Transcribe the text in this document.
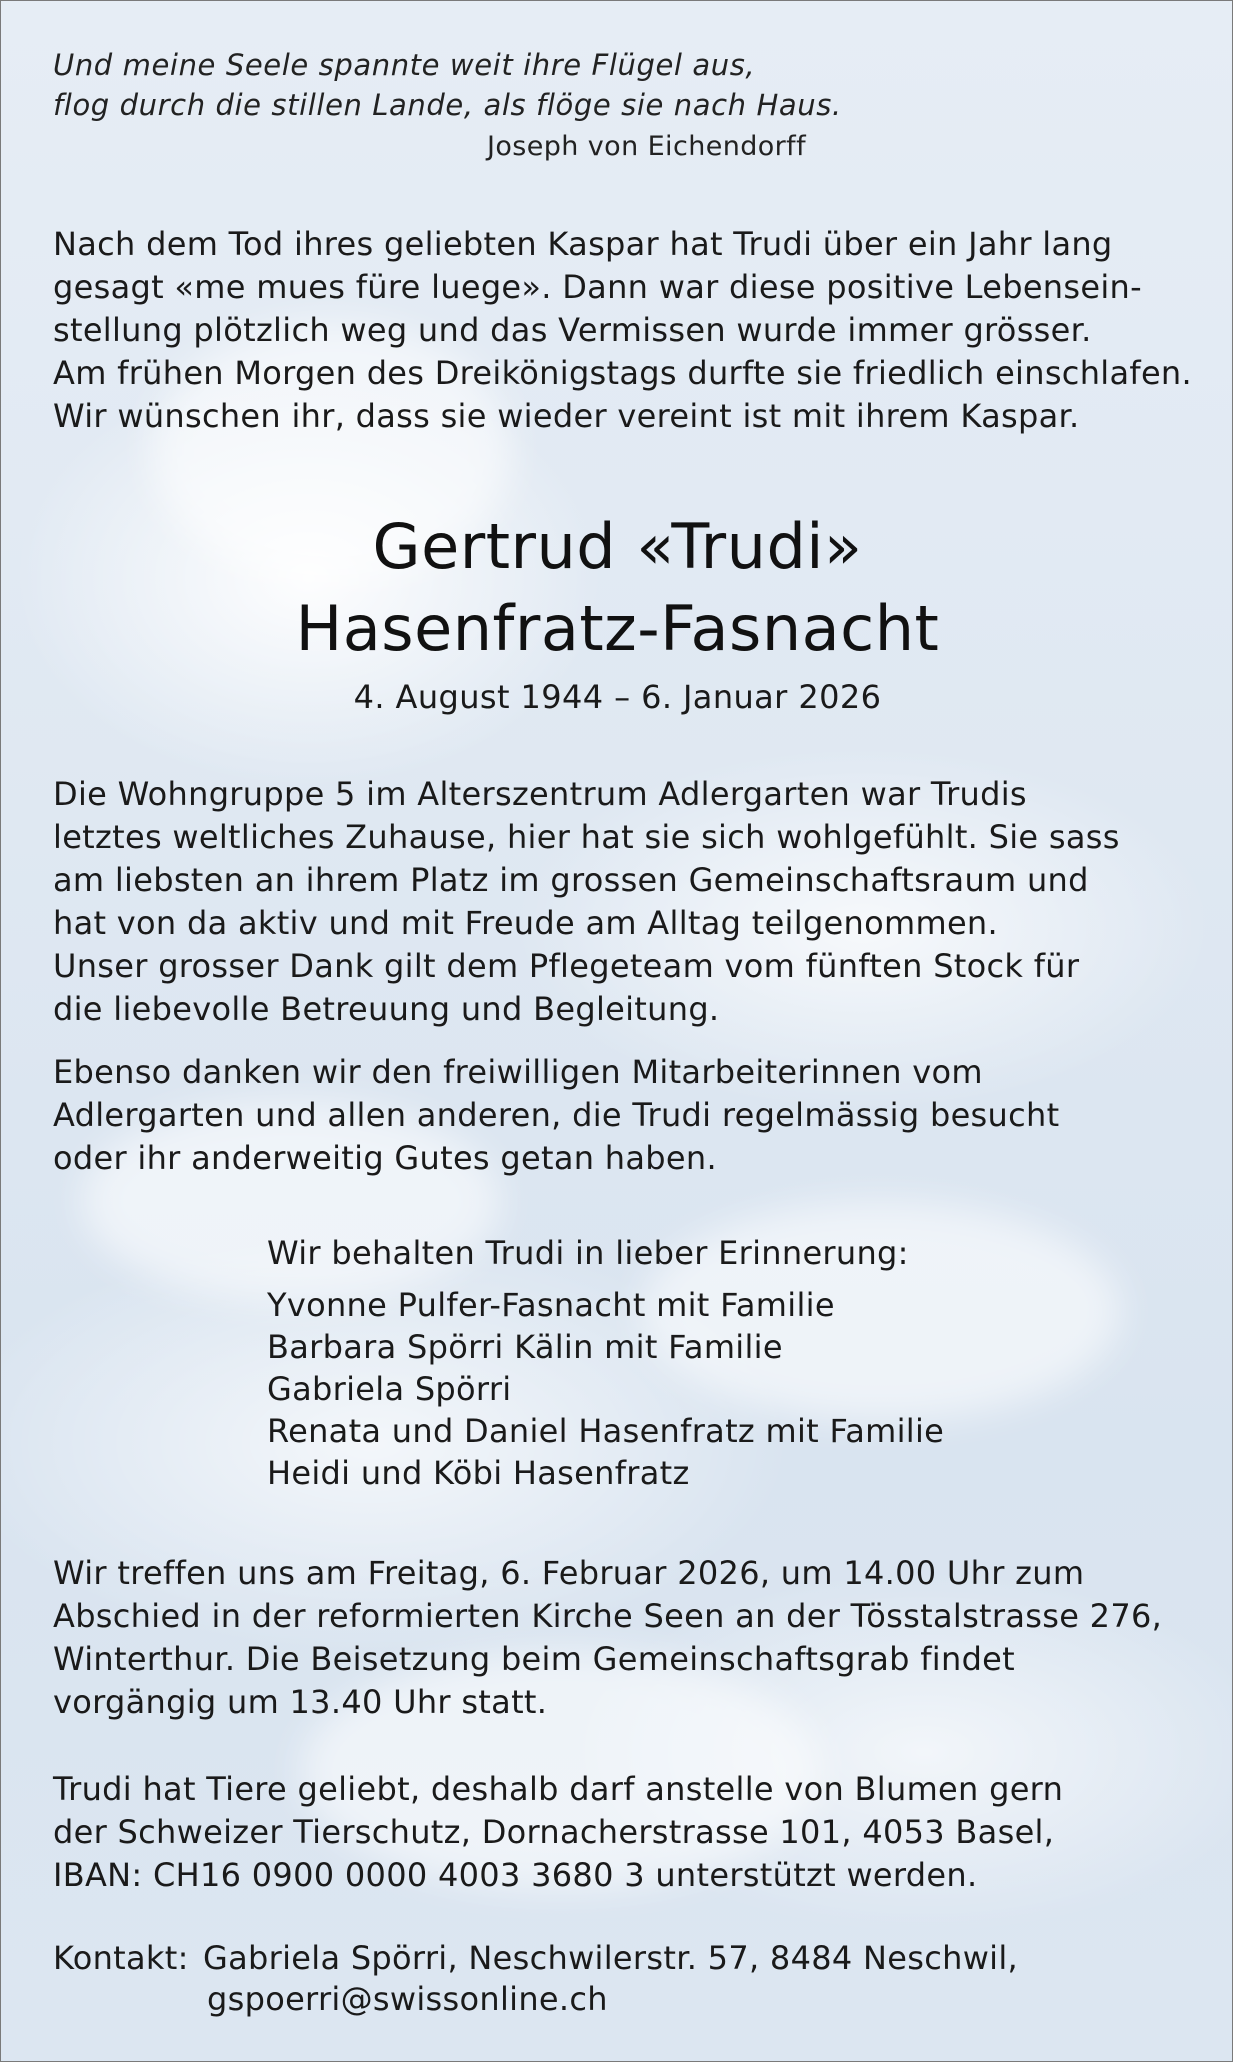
Und meine Seele spannte weit ihre Flügel aus,
flog durch die stillen Lande, als flöge sie nach Haus.

Joseph von Eichendorff

Nach dem Tod ihres geliebten Kaspar hat Trudi über ein Jahr lang
gesagt «me mues füre luege». Dann war diese positive Lebensein-
stellung plötzlich weg und das Vermissen wurde immer grösser.
Am frühen Morgen des Dreikönigstags durfte sie friedlich einschlafen.
Wir wünschen ihr, dass sie wieder vereint ist mit ihrem Kaspar.

Gertrud «Trudi»

Hasenfratz-Fasnacht

4. August 1944 – 6. Januar 2026

Die Wohngruppe 5 im Alterszentrum Adlergarten war Trudis
letztes weltliches Zuhause, hier hat sie sich wohlgefühlt. Sie sass
am liebsten an ihrem Platz im grossen Gemeinschaftsraum und
hat von da aktiv und mit Freude am Alltag teilgenommen.
Unser grosser Dank gilt dem Pflegeteam vom fünften Stock für
die liebevolle Betreuung und Begleitung.

Ebenso danken wir den freiwilligen Mitarbeiterinnen vom
Adlergarten und allen anderen, die Trudi regelmässig besucht
oder ihr anderweitig Gutes getan haben.

Wir behalten Trudi in lieber Erinnerung:
Yvonne Pulfer-Fasnacht mit Familie
Barbara Spörri Kälin mit Familie
Gabriela Spörri
Renata und Daniel Hasenfratz mit Familie
Heidi und Köbi Hasenfratz

Wir treffen uns am Freitag, 6. Februar 2026, um 14.00 Uhr zum
Abschied in der reformierten Kirche Seen an der Tösstalstrasse 276,
Winterthur. Die Beisetzung beim Gemeinschaftsgrab findet
vorgängig um 13.40 Uhr statt.

Trudi hat Tiere geliebt, deshalb darf anstelle von Blumen gern
der Schweizer Tierschutz, Dornacherstrasse 101, 4053 Basel,
IBAN: CH16 0900 0000 4003 3680 3 unterstützt werden.

Kontakt: Gabriela Spörri, Neschwilerstr. 57, 8484 Neschwil,

gspoerri@swissonline.ch
